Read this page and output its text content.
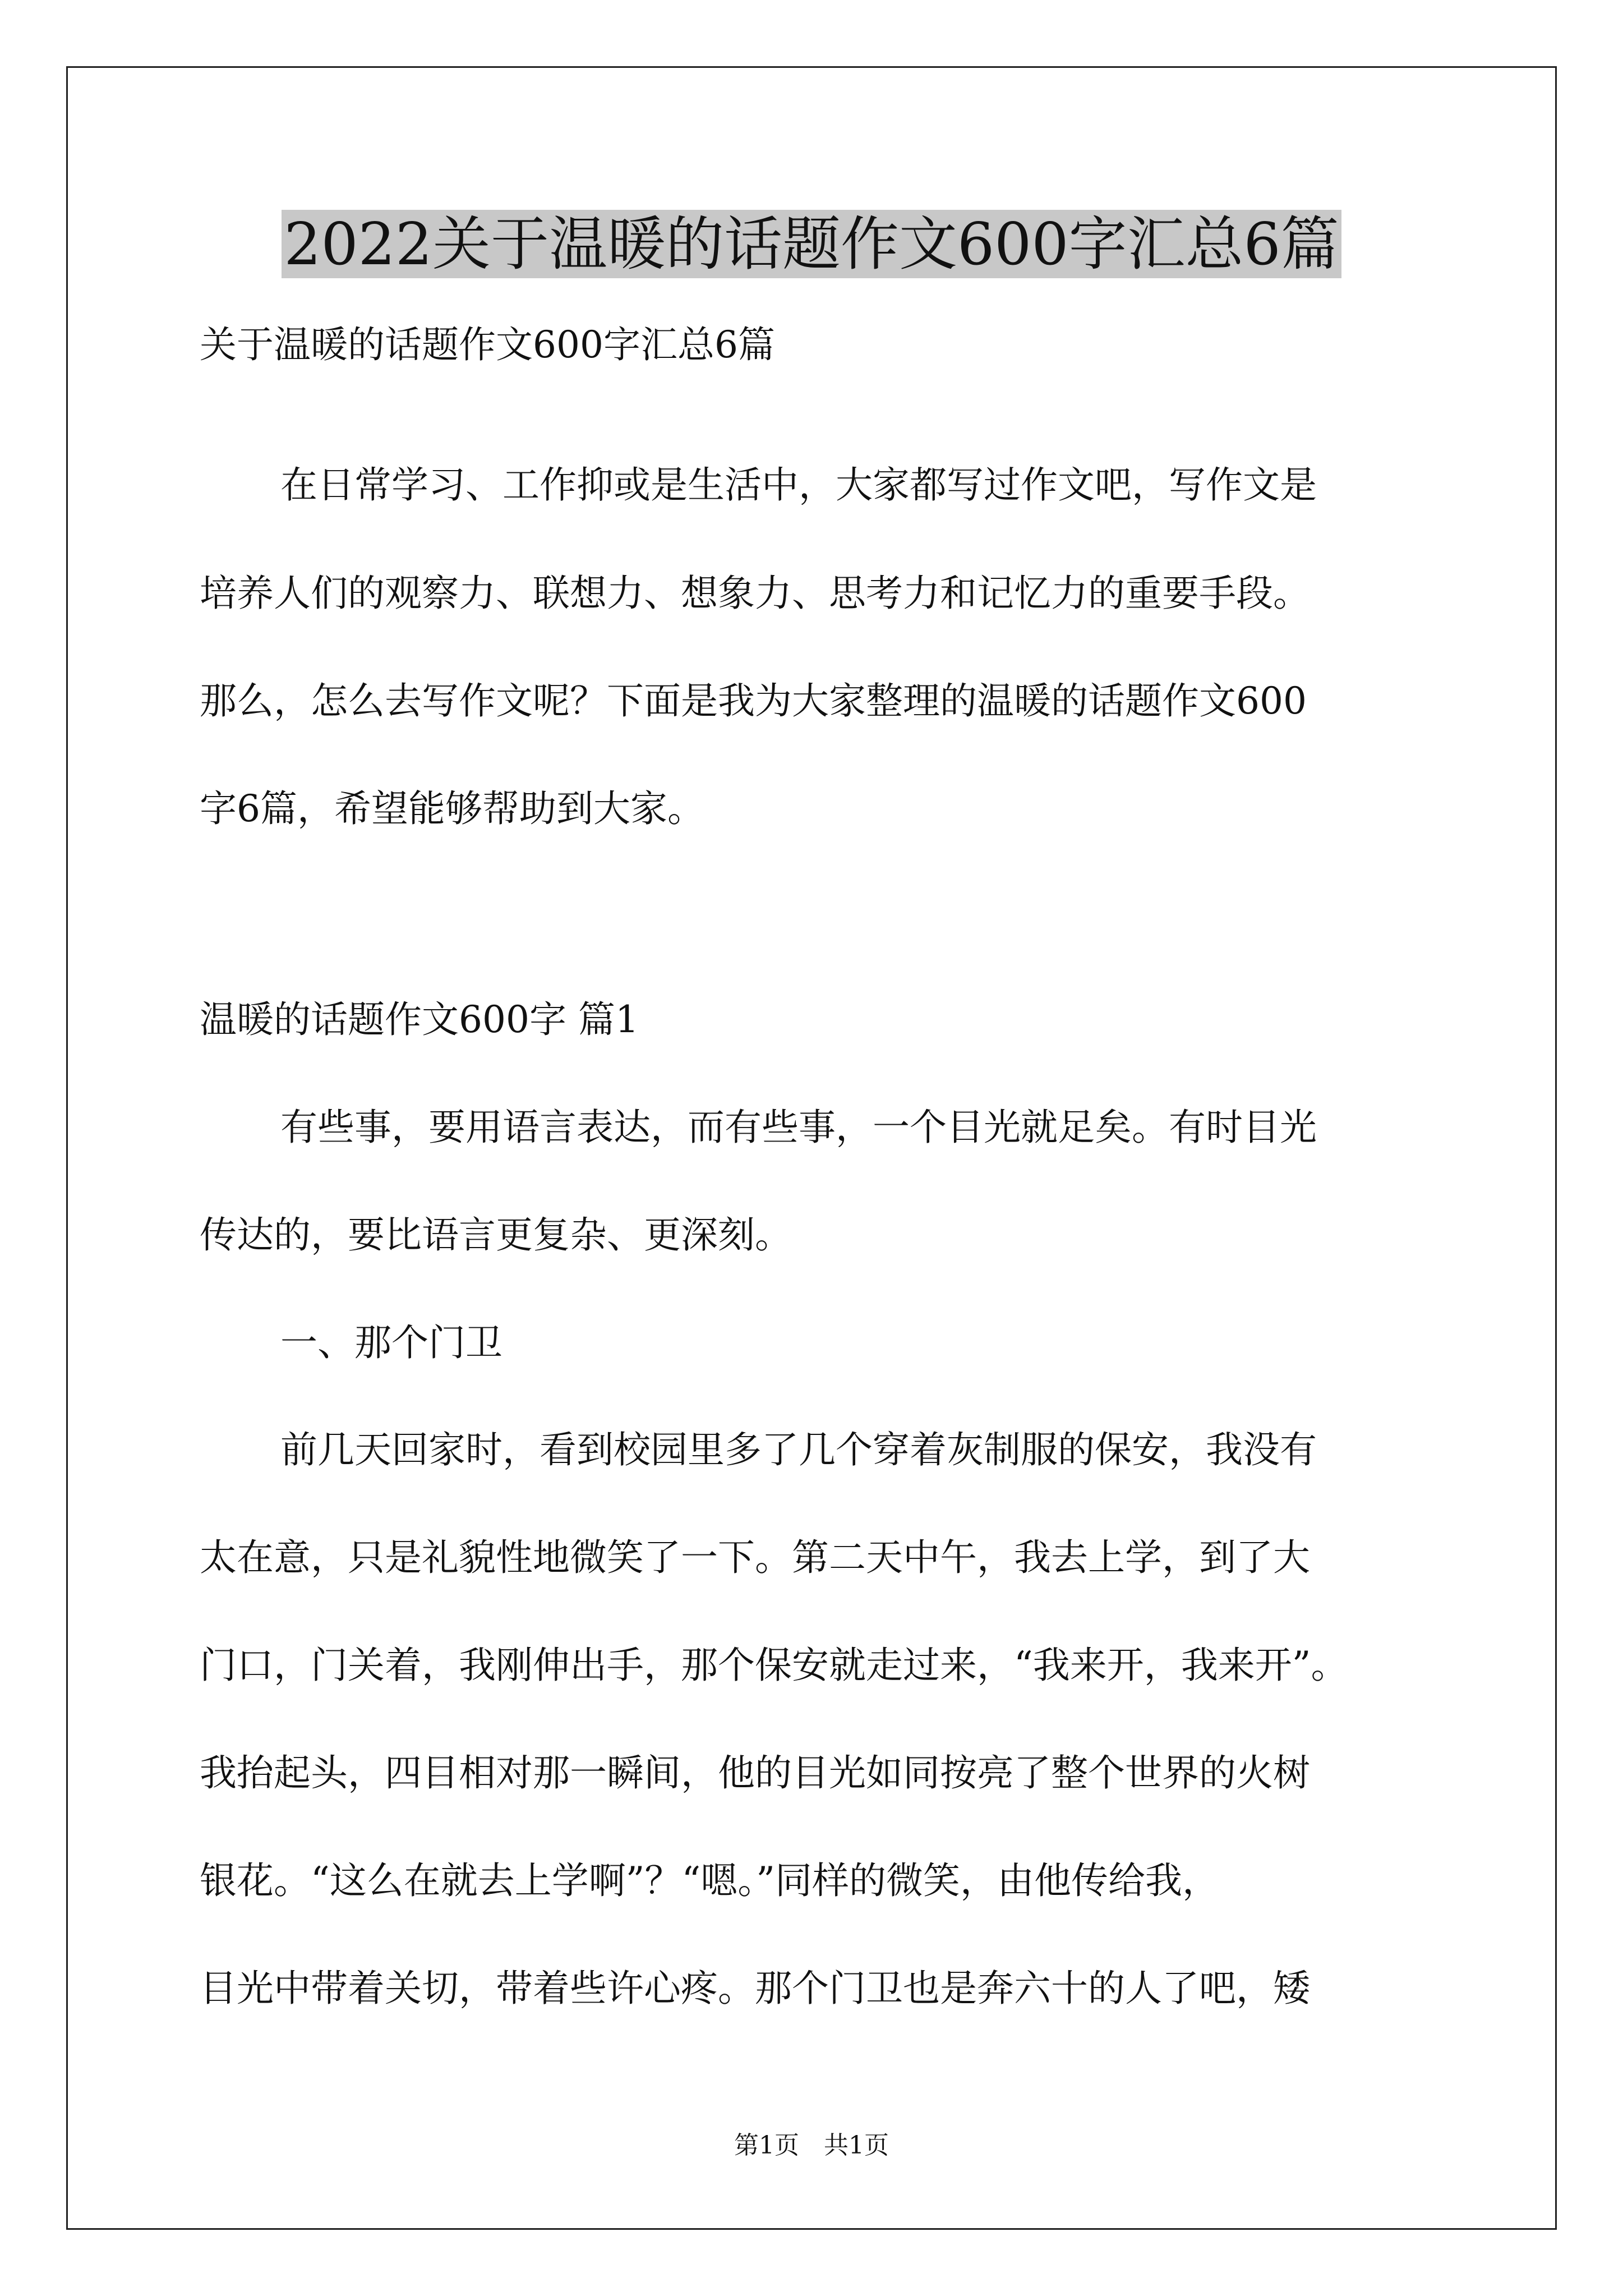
2022关于温暖的话题作文600字汇总6篇
关于温暖的话题作文600字汇总6篇
在日常学习、工作抑或是生活中，大家都写过作文吧，写作文是
培养人们的观察力、联想力、想象力、思考力和记忆力的重要手段。
那么，怎么去写作文呢？下面是我为大家整理的温暖的话题作文600
字6篇，希望能够帮助到大家。
温暖的话题作文600字 篇1
有些事，要用语言表达，而有些事，一个目光就足矣。有时目光
传达的，要比语言更复杂、更深刻。
一、那个门卫
前几天回家时，看到校园里多了几个穿着灰制服的保安，我没有
太在意，只是礼貌性地微笑了一下。第二天中午，我去上学，到了大
门口，门关着，我刚伸出手，那个保安就走过来，“我来开，我来开”。
我抬起头，四目相对那一瞬间，他的目光如同按亮了整个世界的火树
银花。“这么在就去上学啊”？“嗯。”同样的微笑，由他传给我，
目光中带着关切，带着些许心疼。那个门卫也是奔六十的人了吧，矮
第1页　共1页
